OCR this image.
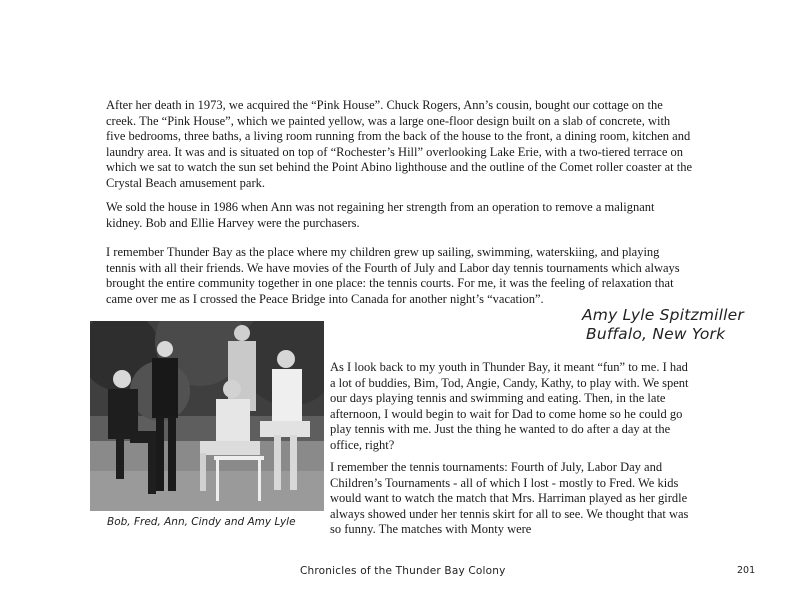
After her death in 1973, we acquired the “Pink House”. Chuck Rogers, Ann’s cousin, bought our cottage on the creek. The “Pink House”, which we painted yellow, was a large one-floor design built on a slab of concrete, with five bedrooms, three baths, a living room running from the back of the house to the front, a dining room, kitchen and laundry area. It was and is situated on top of “Rochester’s Hill” overlooking Lake Erie, with a two-tiered terrace on which we sat to watch the sun set behind the Point Abino lighthouse and the outline of the Comet roller coaster at the Crystal Beach amusement park.

We sold the house in 1986 when Ann was not regaining her strength from an operation to remove a malignant kidney. Bob and Ellie Harvey were the purchasers.

I remember Thunder Bay as the place where my children grew up sailing, swimming, waterskiing, and playing tennis with all their friends. We have movies of the Fourth of July and Labor day tennis tournaments which always brought the entire community together in one place: the tennis courts. For me, it was the feeling of relaxation that came over me as I crossed the Peace Bridge into Canada for another night’s “vacation”.

Amy Lyle Spitzmiller
Buffalo, New York
Bob, Fred, Ann, Cindy and Amy Lyle

As I look back to my youth in Thunder Bay, it meant “fun” to me. I had a lot of buddies, Bim, Tod, Angie, Candy, Kathy, to play with. We spent our days playing tennis and swimming and eating. Then, in the late afternoon, I would begin to wait for Dad to come home so he could go play tennis with me. Just the thing he wanted to do after a day at the office, right?

I remember the tennis tournaments: Fourth of July, Labor Day and Children’s Tournaments - all of which I lost - mostly to Fred. We kids would want to watch the match that Mrs. Harriman played as her girdle always showed under her tennis skirt for all to see. We thought that was so funny. The matches with Monty were

Chronicles of the Thunder Bay Colony	201
